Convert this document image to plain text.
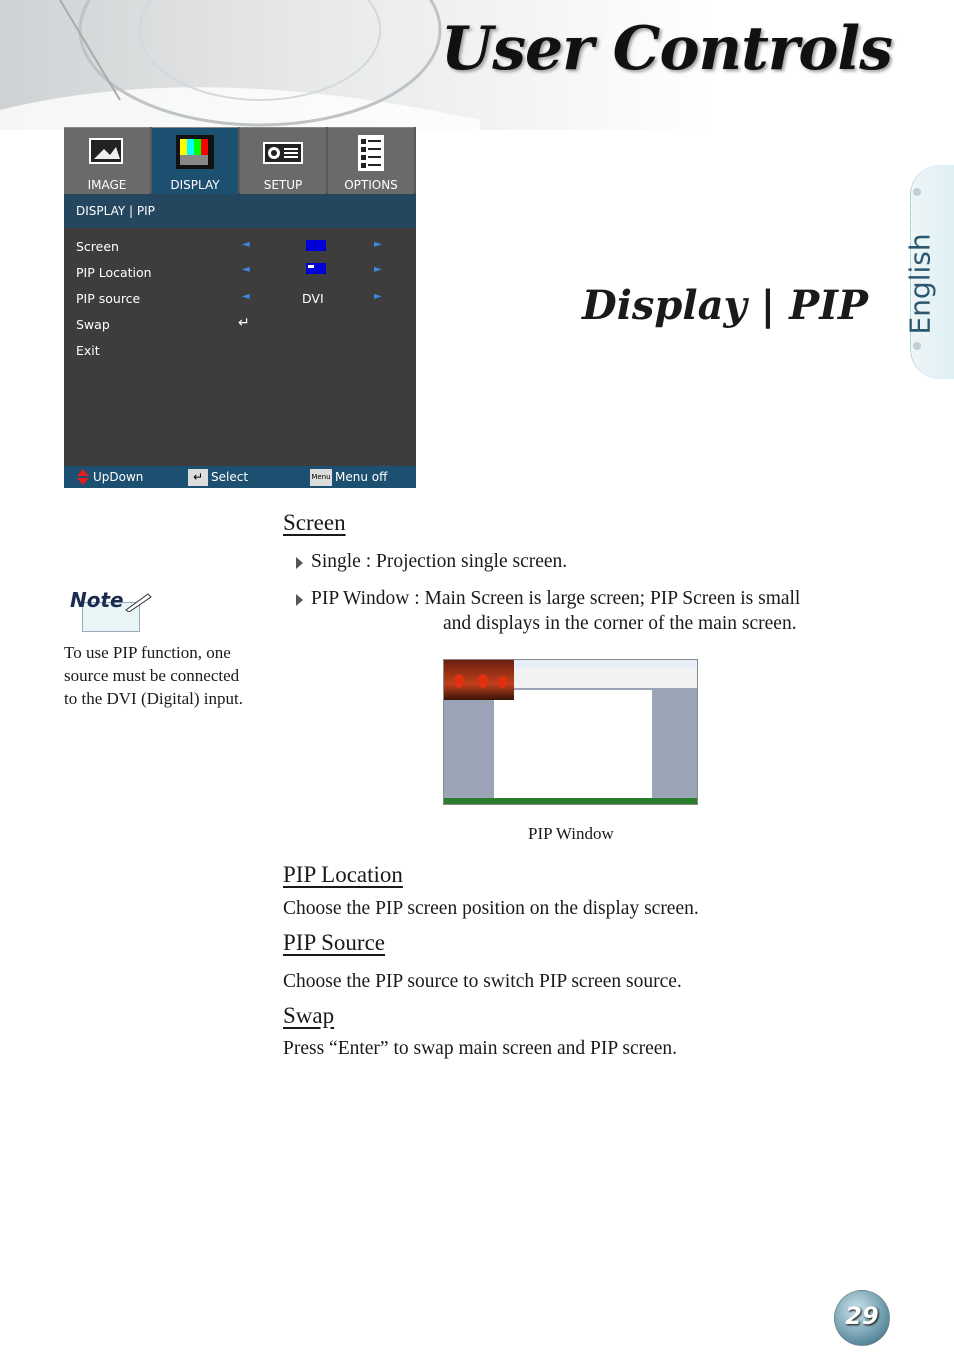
User Controls
IMAGE	DISPLAY	SETUP	OPTIONS
DISPLAY | PIP
Screen	◄	►
PIP Location	◄	►
PIP source	◄	DVI	►
Swap	↵
Exit
UpDown	↵ Select	Menu Menu off
English
Display | PIP
Screen
Single : Projection single screen.
PIP Window : Main Screen is large screen; PIP Screen is small
and displays in the corner of the main screen.
Note
To use PIP function, one source must be connected to the DVI (Digital) input.
PIP Window
PIP Location
Choose the PIP screen position on the display screen.
PIP Source
Choose the PIP source to switch PIP screen source.
Swap
Press “Enter” to swap main screen and PIP screen.
29
